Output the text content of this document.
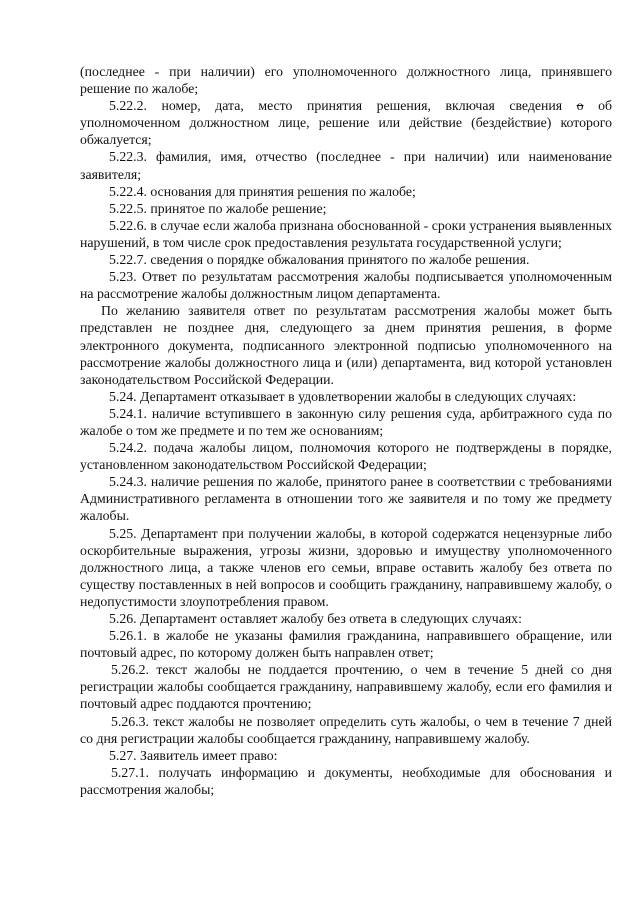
(последнее - при наличии) его уполномоченного должностного лица, принявшего решение по жалобе;

5.22.2. номер, дата, место принятия решения, включая сведения о об уполномоченном должностном лице, решение или действие (бездействие) которого обжалуется;

5.22.3. фамилия, имя, отчество (последнее - при наличии) или наименование заявителя;

5.22.4. основания для принятия решения по жалобе;

5.22.5. принятое по жалобе решение;

5.22.6. в случае если жалоба признана обоснованной - сроки устранения выявленных нарушений, в том числе срок предоставления результата государственной услуги;

5.22.7. сведения о порядке обжалования принятого по жалобе решения.

5.23. Ответ по результатам рассмотрения жалобы подписывается уполномоченным на рассмотрение жалобы должностным лицом департамента.

По желанию заявителя ответ по результатам рассмотрения жалобы может быть представлен не позднее дня, следующего за днем принятия решения, в форме электронного документа, подписанного электронной подписью уполномоченного на рассмотрение жалобы должностного лица и (или) департамента, вид которой установлен законодательством Российской Федерации.

5.24. Департамент отказывает в удовлетворении жалобы в следующих случаях:

5.24.1. наличие вступившего в законную силу решения суда, арбитражного суда по жалобе о том же предмете и по тем же основаниям;

5.24.2. подача жалобы лицом, полномочия которого не подтверждены в порядке, установленном законодательством Российской Федерации;

5.24.3. наличие решения по жалобе, принятого ранее в соответствии с требованиями Административного регламента в отношении того же заявителя и по тому же предмету жалобы.

5.25. Департамент при получении жалобы, в которой содержатся нецензурные либо оскорбительные выражения, угрозы жизни, здоровью и имуществу уполномоченного должностного лица, а также членов его семьи, вправе оставить жалобу без ответа по существу поставленных в ней вопросов и сообщить гражданину, направившему жалобу, о недопустимости злоупотребления правом.

5.26. Департамент оставляет жалобу без ответа в следующих случаях:

5.26.1. в жалобе не указаны фамилия гражданина, направившего обращение, или почтовый адрес, по которому должен быть направлен ответ;

5.26.2. текст жалобы не поддается прочтению, о чем в течение 5 дней со дня регистрации жалобы сообщается гражданину, направившему жалобу, если его фамилия и почтовый адрес поддаются прочтению;

5.26.3. текст жалобы не позволяет определить суть жалобы, о чем в течение 7 дней со дня регистрации жалобы сообщается гражданину, направившему жалобу.

5.27. Заявитель имеет право:

5.27.1. получать информацию и документы, необходимые для обоснования и рассмотрения жалобы;
